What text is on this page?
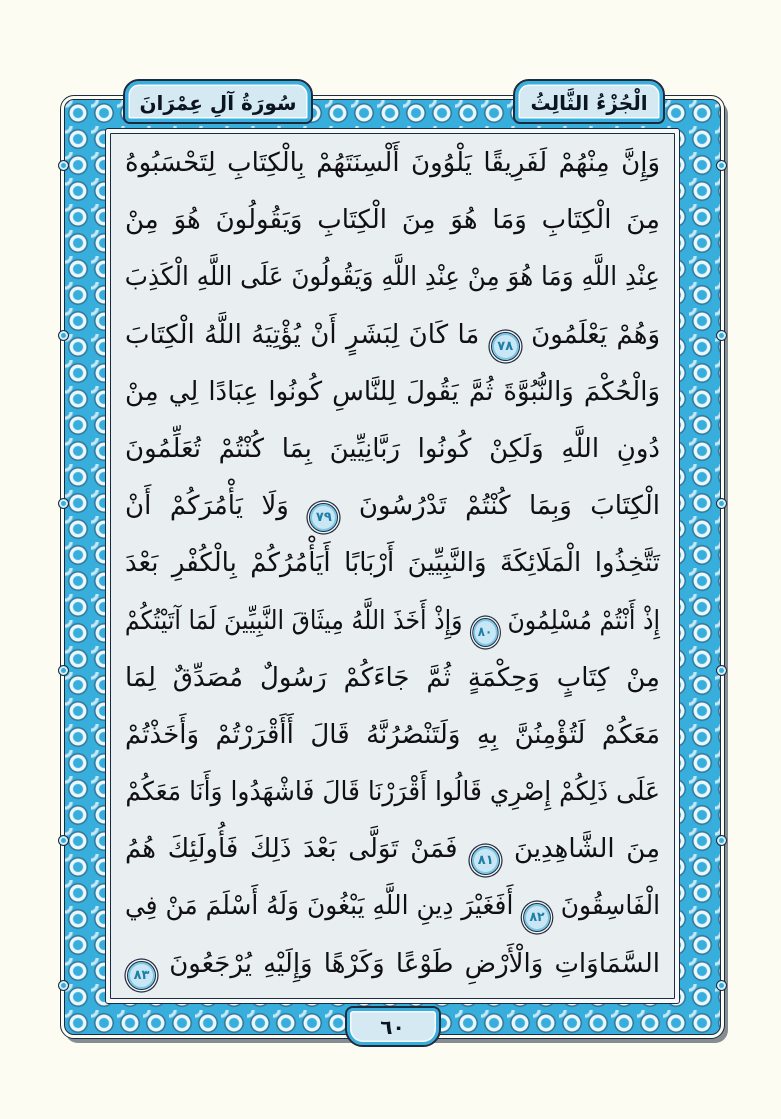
سُورَةُ آلِ عِمْرَانَ	الْجُزْءُ الثَّالِثُ
وَإِنَّ مِنْهُمْ لَفَرِيقًا يَلْوُونَ أَلْسِنَتَهُمْ بِالْكِتَابِ لِتَحْسَبُوهُ
مِنَ الْكِتَابِ وَمَا هُوَ مِنَ الْكِتَابِ وَيَقُولُونَ هُوَ مِنْ
عِنْدِ اللَّهِ وَمَا هُوَ مِنْ عِنْدِ اللَّهِ وَيَقُولُونَ عَلَى اللَّهِ الْكَذِبَ
وَهُمْ يَعْلَمُونَ
٧٨
مَا كَانَ لِبَشَرٍ أَنْ يُؤْتِيَهُ اللَّهُ الْكِتَابَ
وَالْحُكْمَ وَالنُّبُوَّةَ ثُمَّ يَقُولَ لِلنَّاسِ كُونُوا عِبَادًا لِي مِنْ
دُونِ اللَّهِ وَلَكِنْ كُونُوا رَبَّانِيِّينَ بِمَا كُنْتُمْ تُعَلِّمُونَ
الْكِتَابَ وَبِمَا كُنْتُمْ تَدْرُسُونَ
٧٩
وَلَا يَأْمُرَكُمْ أَنْ
تَتَّخِذُوا الْمَلَائِكَةَ وَالنَّبِيِّينَ أَرْبَابًا أَيَأْمُرُكُمْ بِالْكُفْرِ بَعْدَ
إِذْ أَنْتُمْ مُسْلِمُونَ
٨٠
وَإِذْ أَخَذَ اللَّهُ مِيثَاقَ النَّبِيِّينَ لَمَا آتَيْتُكُمْ
مِنْ كِتَابٍ وَحِكْمَةٍ ثُمَّ جَاءَكُمْ رَسُولٌ مُصَدِّقٌ لِمَا
مَعَكُمْ لَتُؤْمِنُنَّ بِهِ وَلَتَنْصُرُنَّهُ قَالَ أَأَقْرَرْتُمْ وَأَخَذْتُمْ
عَلَى ذَلِكُمْ إِصْرِي قَالُوا أَقْرَرْنَا قَالَ فَاشْهَدُوا وَأَنَا مَعَكُمْ
مِنَ الشَّاهِدِينَ
٨١
فَمَنْ تَوَلَّى بَعْدَ ذَلِكَ فَأُولَئِكَ هُمُ
الْفَاسِقُونَ
٨٢
أَفَغَيْرَ دِينِ اللَّهِ يَبْغُونَ وَلَهُ أَسْلَمَ مَنْ فِي
السَّمَاوَاتِ وَالْأَرْضِ طَوْعًا وَكَرْهًا وَإِلَيْهِ يُرْجَعُونَ
٨٣
٦٠
